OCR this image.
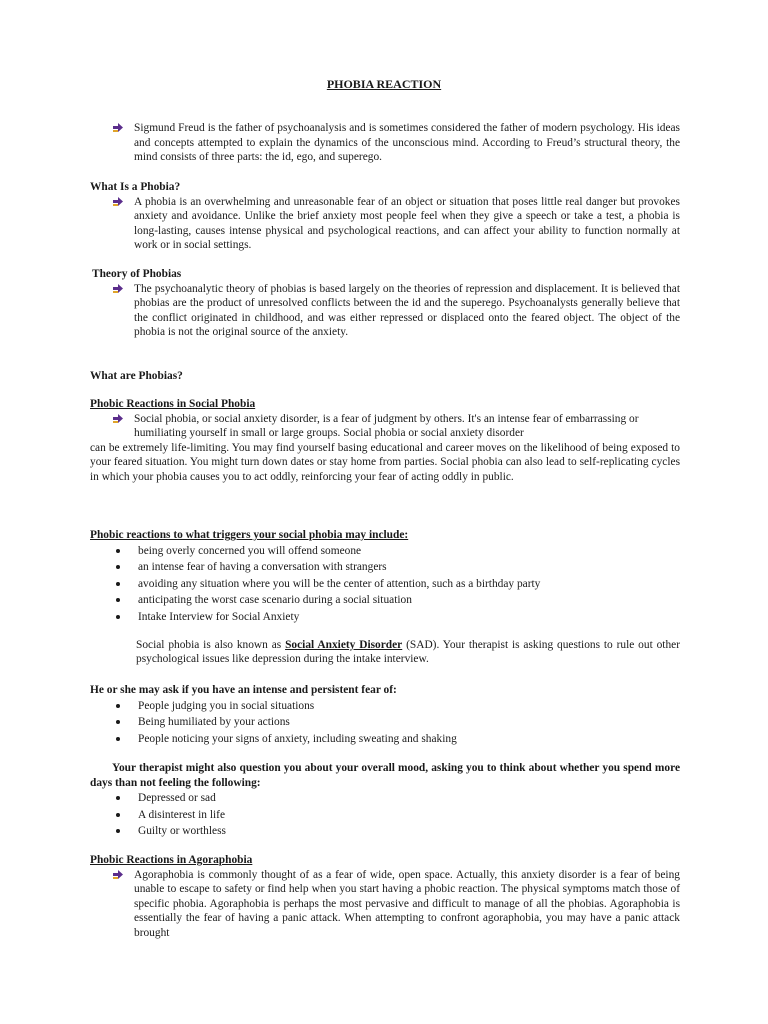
PHOBIA REACTION

Sigmund Freud is the father of psychoanalysis and is sometimes considered the father of modern psychology. His ideas and concepts attempted to explain the dynamics of the unconscious mind. According to Freud’s structural theory, the mind consists of three parts: the id, ego, and superego.

What Is a Phobia?

A phobia is an overwhelming and unreasonable fear of an object or situation that poses little real danger but provokes anxiety and avoidance. Unlike the brief anxiety most people feel when they give a speech or take a test, a phobia is long-lasting, causes intense physical and psychological reactions, and can affect your ability to function normally at work or in social settings.

Theory of Phobias

The psychoanalytic theory of phobias is based largely on the theories of repression and displacement. It is believed that phobias are the product of unresolved conflicts between the id and the superego. Psychoanalysts generally believe that the conflict originated in childhood, and was either repressed or displaced onto the feared object. The object of the phobia is not the original source of the anxiety.

What are Phobias?

Phobic Reactions in Social Phobia

Social phobia, or social anxiety disorder, is a fear of judgment by others. It's an intense fear of embarrassing or humiliating yourself in small or large groups. Social phobia or social anxiety disorder

can be extremely life-limiting. You may find yourself basing educational and career moves on the likelihood of being exposed to your feared situation. You might turn down dates or stay home from parties. Social phobia can also lead to self-replicating cycles in which your phobia causes you to act oddly, reinforcing your fear of acting oddly in public.

Phobic reactions to what triggers your social phobia may include:

being overly concerned you will offend someone

an intense fear of having a conversation with strangers

avoiding any situation where you will be the center of attention, such as a birthday party

anticipating the worst case scenario during a social situation

Intake Interview for Social Anxiety

Social phobia is also known as Social Anxiety Disorder (SAD). Your therapist is asking questions to rule out other psychological issues like depression during the intake interview.

He or she may ask if you have an intense and persistent fear of:

People judging you in social situations

Being humiliated by your actions

People noticing your signs of anxiety, including sweating and shaking

Your therapist might also question you about your overall mood, asking you to think about whether you spend more days than not feeling the following:

Depressed or sad

A disinterest in life

Guilty or worthless

Phobic Reactions in Agoraphobia

Agoraphobia is commonly thought of as a fear of wide, open space. Actually, this anxiety disorder is a fear of being unable to escape to safety or find help when you start having a phobic reaction. The physical symptoms match those of specific phobia. Agoraphobia is perhaps the most pervasive and difficult to manage of all the phobias. Agoraphobia is essentially the fear of having a panic attack. When attempting to confront agoraphobia, you may have a panic attack brought
